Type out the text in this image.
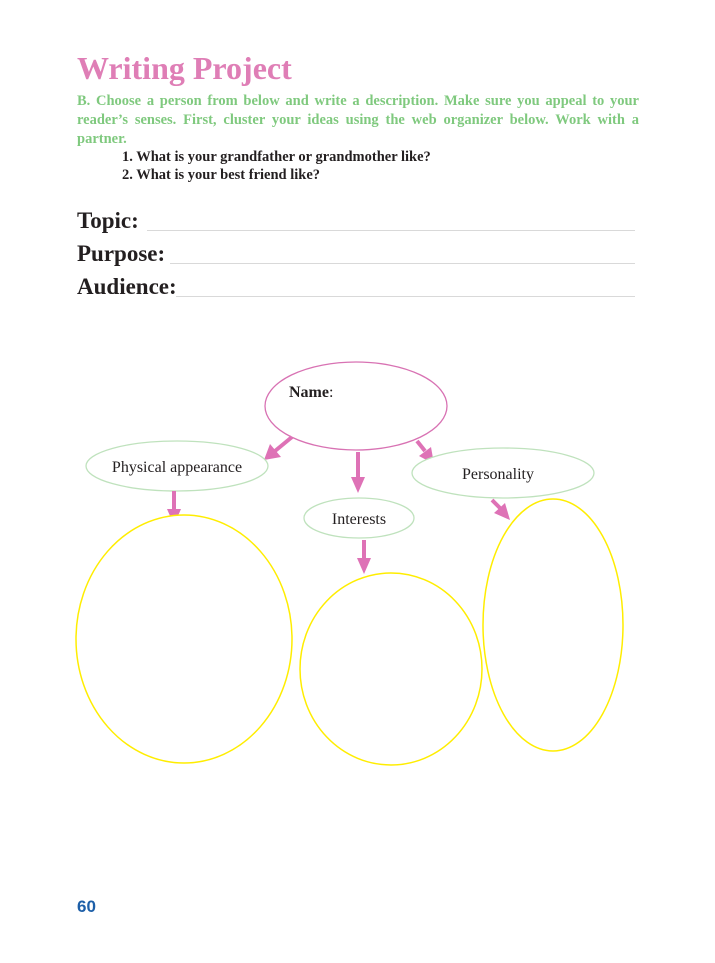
Writing Project

B. Choose a person from below and write a description. Make sure you appeal to your reader’s senses. First, cluster your ideas using the web organizer below. Work with a partner.

1. What is your grandfather or grandmother like?
2. What is your best friend like?
Topic:
Purpose:
Audience:
Name:
Physical appearance
Interests
Personality
60
